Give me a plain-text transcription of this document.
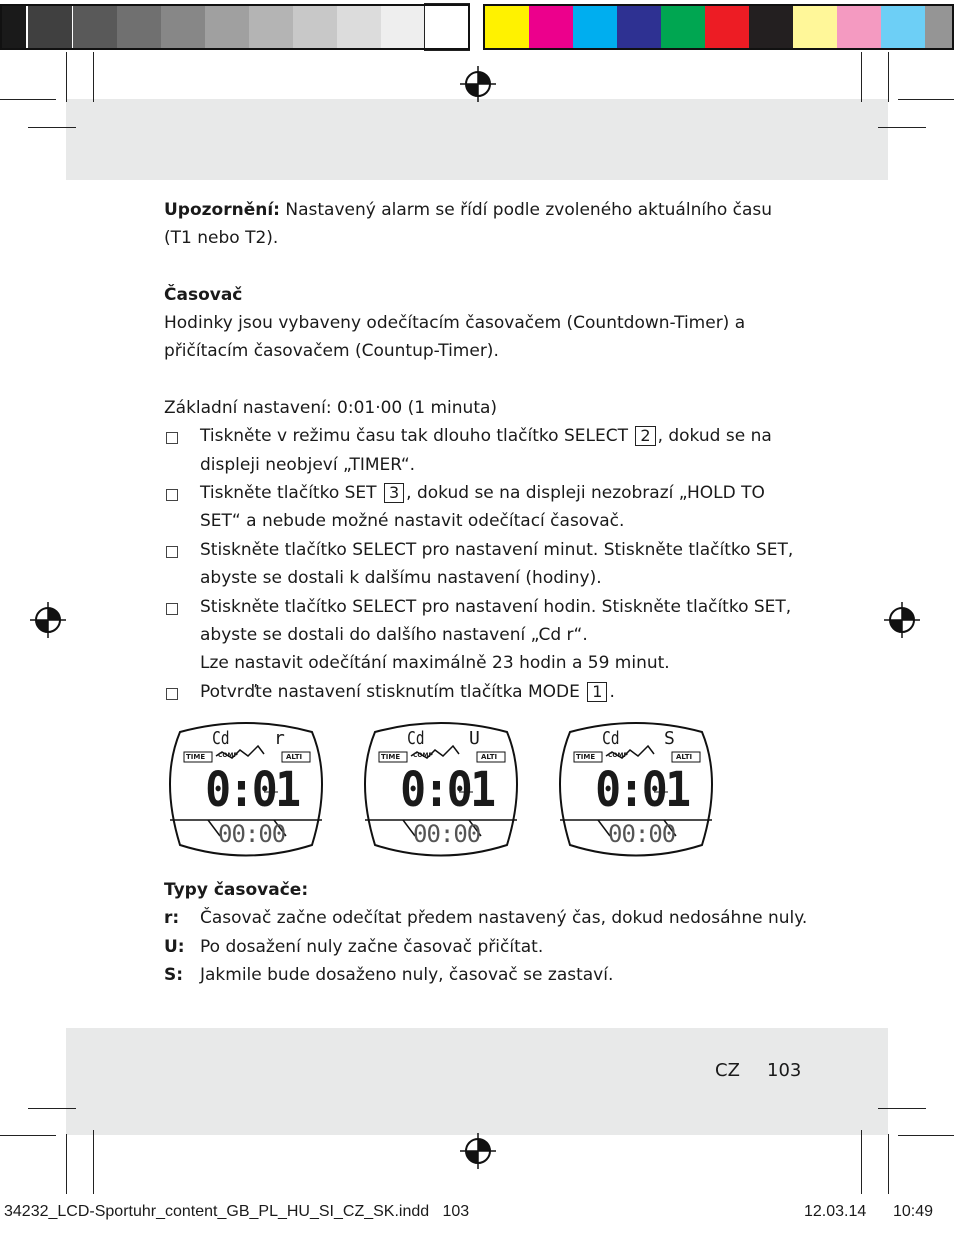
Upozornění: Nastavený alarm se řídí podle zvoleného aktuálního času
(T1 nebo T2).
Časovač
Hodinky jsou vybaveny odečítacím časovačem (Countdown-Timer) a
přičítacím časovačem (Countup-Timer).
Základní nastavení: 0:01·00 (1 minuta)
Tiskněte v režimu času tak dlouho tlačítko SELECT 2 , dokud se na
displeji neobjeví „TIMER“.
Tiskněte tlačítko SET 3 , dokud se na displeji nezobrazí „HOLD TO
SET“ a nebude možné nastavit odečítací časovač.
Stiskněte tlačítko SELECT pro nastavení minut. Stiskněte tlačítko SET,
abyste se dostali k dalšímu nastavení (hodiny).
Stiskněte tlačítko SELECT pro nastavení hodin. Stiskněte tlačítko SET,
abyste se dostali do dalšího nastavení „Cd r“.
Lze nastavit odečítání maximálně 23 hodin a 59 minut.
Potvrďte nastavení stisknutím tlačítka MODE 1 .
Cd r
TIME COMP	ALTI
0:01
00:00
Cd U
TIME COMP	ALTI
0:01
00:00
Cd S
TIME COMP	ALTI
0:01
00:00
Typy časovače:
r: Časovač začne odečítat předem nastavený čas, dokud nedosáhne nuly.
U: Po dosažení nuly začne časovač přičítat.
S: Jakmile bude dosaženo nuly, časovač se zastaví.
CZ 103
34232_LCD-Sportuhr_content_GB_PL_HU_SI_CZ_SK.indd   103	12.03.14 10:49
